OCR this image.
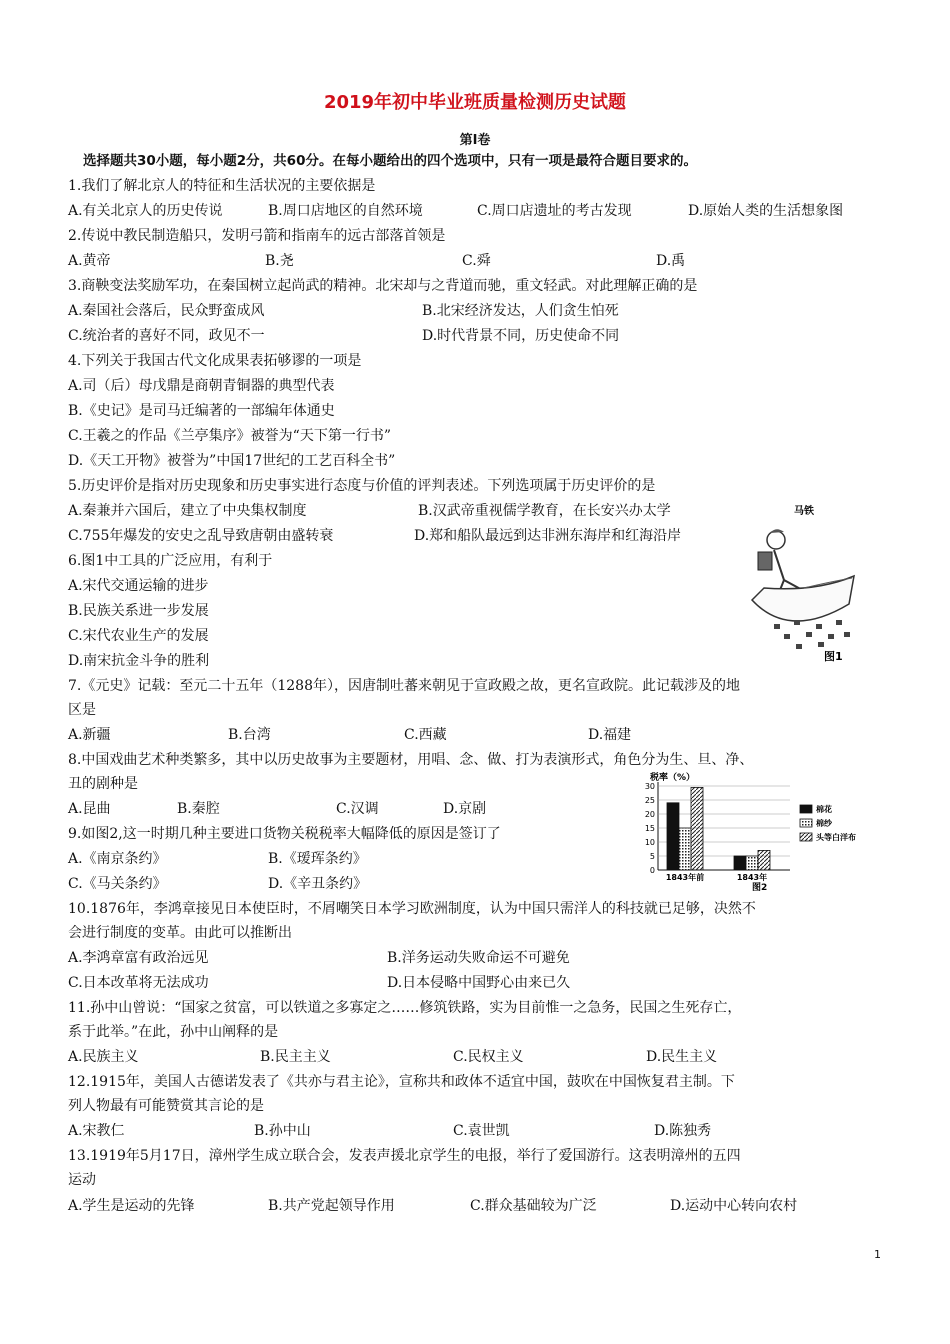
2019年初中毕业班质量检测历史试题
第Ⅰ卷
选择题共30小题，每小题2分，共60分。在每小题给出的四个选项中，只有一项是最符合题目要求的。
1.我们了解北京人的特征和生活状况的主要依据是
A.有关北京人的历史传说	B.周口店地区的自然环境	C.周口店遗址的考古发现	D.原始人类的生活想象图
2.传说中教民制造船只，发明弓箭和指南车的远古部落首领是
A.黄帝	B.尧	C.舜	D.禹
3.商鞅变法奖励军功，在秦国树立起尚武的精神。北宋却与之背道而驰，重文轻武。对此理解正确的是
A.秦国社会落后，民众野蛮成风	B.北宋经济发达，人们贪生怕死
C.统治者的喜好不同，政见不一	D.时代背景不同，历史使命不同
4.下列关于我国古代文化成果表拓够谬的一项是
A.司（后）母戊鼎是商朝青铜器的典型代表
B.《史记》是司马迁编著的一部编年体通史
C.王羲之的作品《兰亭集序》被誉为“天下第一行书”
D.《天工开物》被誉为”中国17世纪的工艺百科全书”
5.历史评价是指对历史现象和历史事实进行态度与价值的评判表述。下列选项属于历史评价的是
A.秦兼并六国后，建立了中央集权制度	B.汉武帝重视儒学教育，在长安兴办太学
C.755年爆发的安史之乱导致唐朝由盛转衰	D.郑和船队最远到达非洲东海岸和红海沿岸
6.图1中工具的广泛应用，有利于
A.宋代交通运输的进步
B.民族关系进一步发展
C.宋代农业生产的发展
D.南宋抗金斗争的胜利
马铁
图1
7.《元史》记载：至元二十五年（1288年），因唐制吐蕃来朝见于宣政殿之故，更名宣政院。此记载涉及的地
区是
A.新疆	B.台湾	C.西藏	D.福建
8.中国戏曲艺术种类繁多，其中以历史故事为主要题材，用唱、念、做、打为表演形式，角色分为生、旦、净、
丑的剧种是
A.昆曲	B.秦腔	C.汉调	D.京剧
9.如图2,这一时期几种主要进口货物关税税率大幅降低的原因是签订了
A.《南京条约》	B.《瑷珲条约》
C.《马关条约》	D.《辛丑条约》
税率（%）
0
5
10
15
20
25
30
1843年前	1843年
棉花
棉纱
头等白洋布
图2
10.1876年，李鸿章接见日本使臣时，不屑嘲笑日本学习欧洲制度，认为中国只需洋人的科技就已足够，决然不
会进行制度的变革。由此可以推断出
A.李鸿章富有政治远见	B.洋务运动失败命运不可避免
C.日本改革将无法成功	D.日本侵略中国野心由来已久
11.孙中山曾说：“国家之贫富，可以铁道之多寡定之……修筑铁路，实为目前惟一之急务，民国之生死存亡，
系于此举。”在此，孙中山阐释的是
A.民族主义	B.民主主义	C.民权主义	D.民生主义
12.1915年，美国人古德诺发表了《共亦与君主论》，宣称共和政体不适宜中国，鼓吹在中国恢复君主制。下
列人物最有可能赞赏其言论的是
A.宋教仁	B.孙中山	C.袁世凯	D.陈独秀
13.1919年5月17日，漳州学生成立联合会，发表声援北京学生的电报，举行了爱国游行。这表明漳州的五四
运动
A.学生是运动的先锋	B.共产党起领导作用	C.群众基础较为广泛	D.运动中心转向农村
1
